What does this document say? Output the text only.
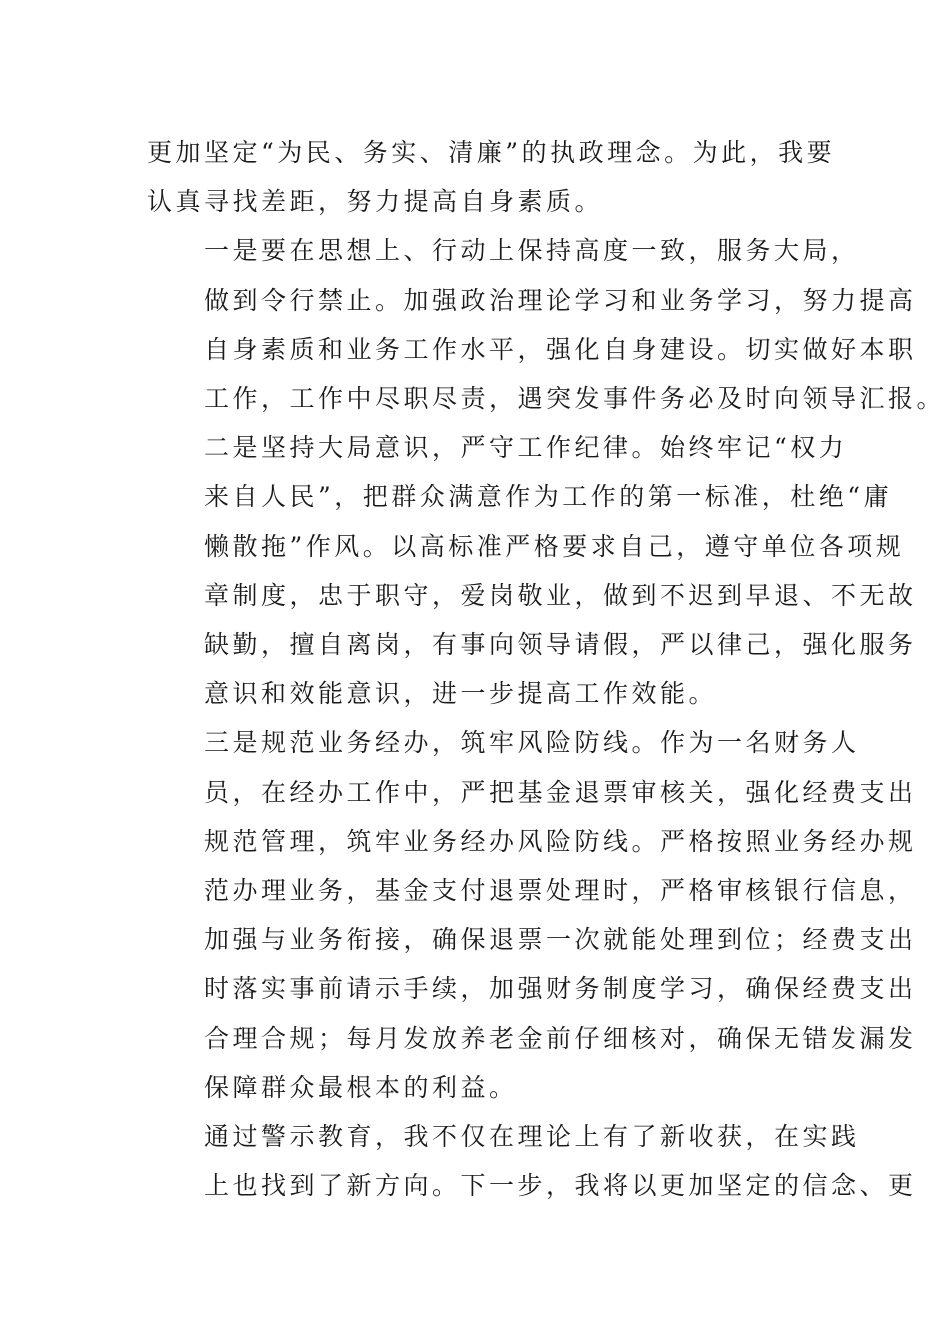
更加坚定“为民、务实、清廉”的执政理念。为此，我要
认真寻找差距，努力提高自身素质。
一是要在思想上、行动上保持高度一致，服务大局，
做到令行禁止。加强政治理论学习和业务学习，努力提高
自身素质和业务工作水平，强化自身建设。切实做好本职
工作，工作中尽职尽责，遇突发事件务必及时向领导汇报。
二是坚持大局意识，严守工作纪律。始终牢记“权力
来自人民”，把群众满意作为工作的第一标准，杜绝“庸
懒散拖”作风。以高标准严格要求自己，遵守单位各项规
章制度，忠于职守，爱岗敬业，做到不迟到早退、不无故
缺勤，擅自离岗，有事向领导请假，严以律己，强化服务
意识和效能意识，进一步提高工作效能。
三是规范业务经办，筑牢风险防线。作为一名财务人
员，在经办工作中，严把基金退票审核关，强化经费支出
规范管理，筑牢业务经办风险防线。严格按照业务经办规
范办理业务，基金支付退票处理时，严格审核银行信息，
加强与业务衔接，确保退票一次就能处理到位；经费支出
时落实事前请示手续，加强财务制度学习，确保经费支出
合理合规；每月发放养老金前仔细核对，确保无错发漏发
保障群众最根本的利益。
通过警示教育，我不仅在理论上有了新收获，在实践
上也找到了新方向。下一步，我将以更加坚定的信念、更
